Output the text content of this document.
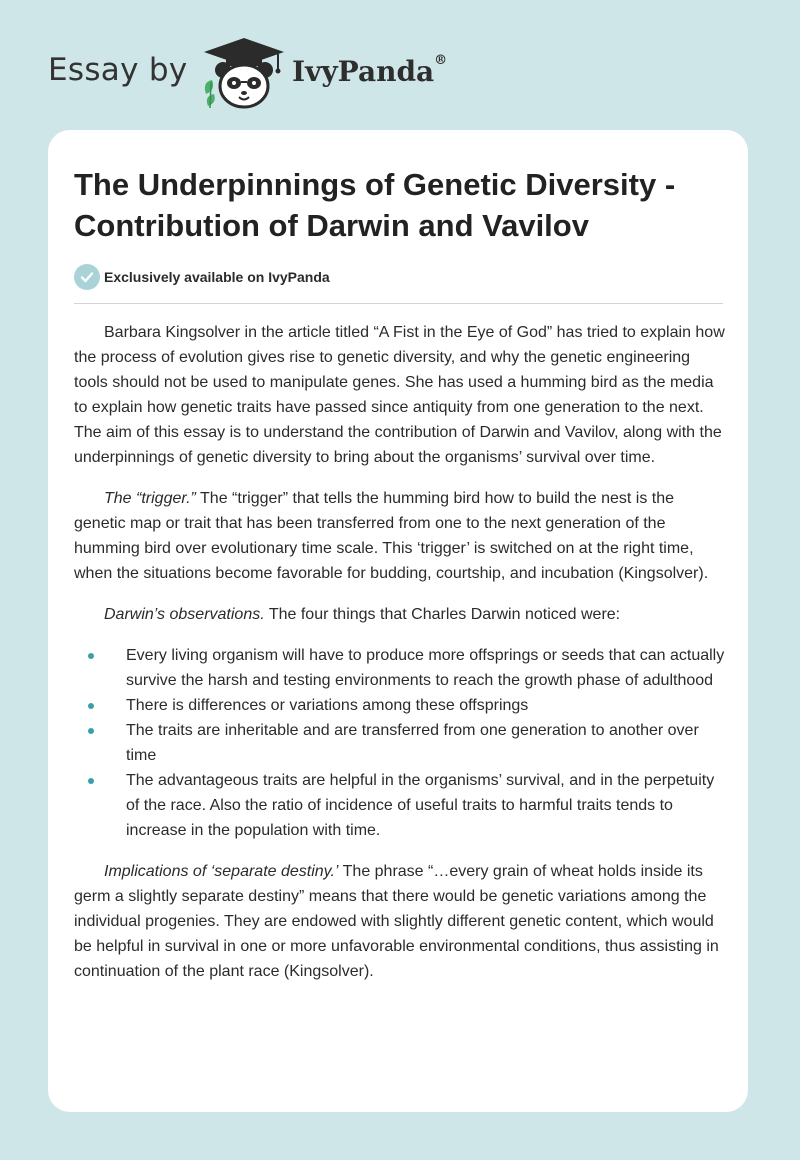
Essay by	IvyPanda®
The Underpinnings of Genetic Diversity - Contribution of Darwin and Vavilov
Exclusively available on IvyPanda

Barbara Kingsolver in the article titled “A Fist in the Eye of God” has tried to explain how the process of evolution gives rise to genetic diversity, and why the genetic engineering tools should not be used to manipulate genes. She has used a humming bird as the media to explain how genetic traits have passed since antiquity from one generation to the next. The aim of this essay is to understand the contribution of Darwin and Vavilov, along with the underpinnings of genetic diversity to bring about the organisms’ survival over time.

The “trigger.” The “trigger” that tells the humming bird how to build the nest is the genetic map or trait that has been transferred from one to the next generation of the humming bird over evolutionary time scale. This ‘trigger’ is switched on at the right time, when the situations become favorable for budding, courtship, and incubation (Kingsolver).

Darwin’s observations. The four things that Charles Darwin noticed were:

Every living organism will have to produce more offsprings or seeds that can actually survive the harsh and testing environments to reach the growth phase of adulthood
There is differences or variations among these offsprings
The traits are inheritable and are transferred from one generation to another over time
The advantageous traits are helpful in the organisms’ survival, and in the perpetuity of the race. Also the ratio of incidence of useful traits to harmful traits tends to increase in the population with time.

Implications of ‘separate destiny.’ The phrase “…every grain of wheat holds inside its germ a slightly separate destiny” means that there would be genetic variations among the individual progenies. They are endowed with slightly different genetic content, which would be helpful in survival in one or more unfavorable environmental conditions, thus assisting in continuation of the plant race (Kingsolver).
